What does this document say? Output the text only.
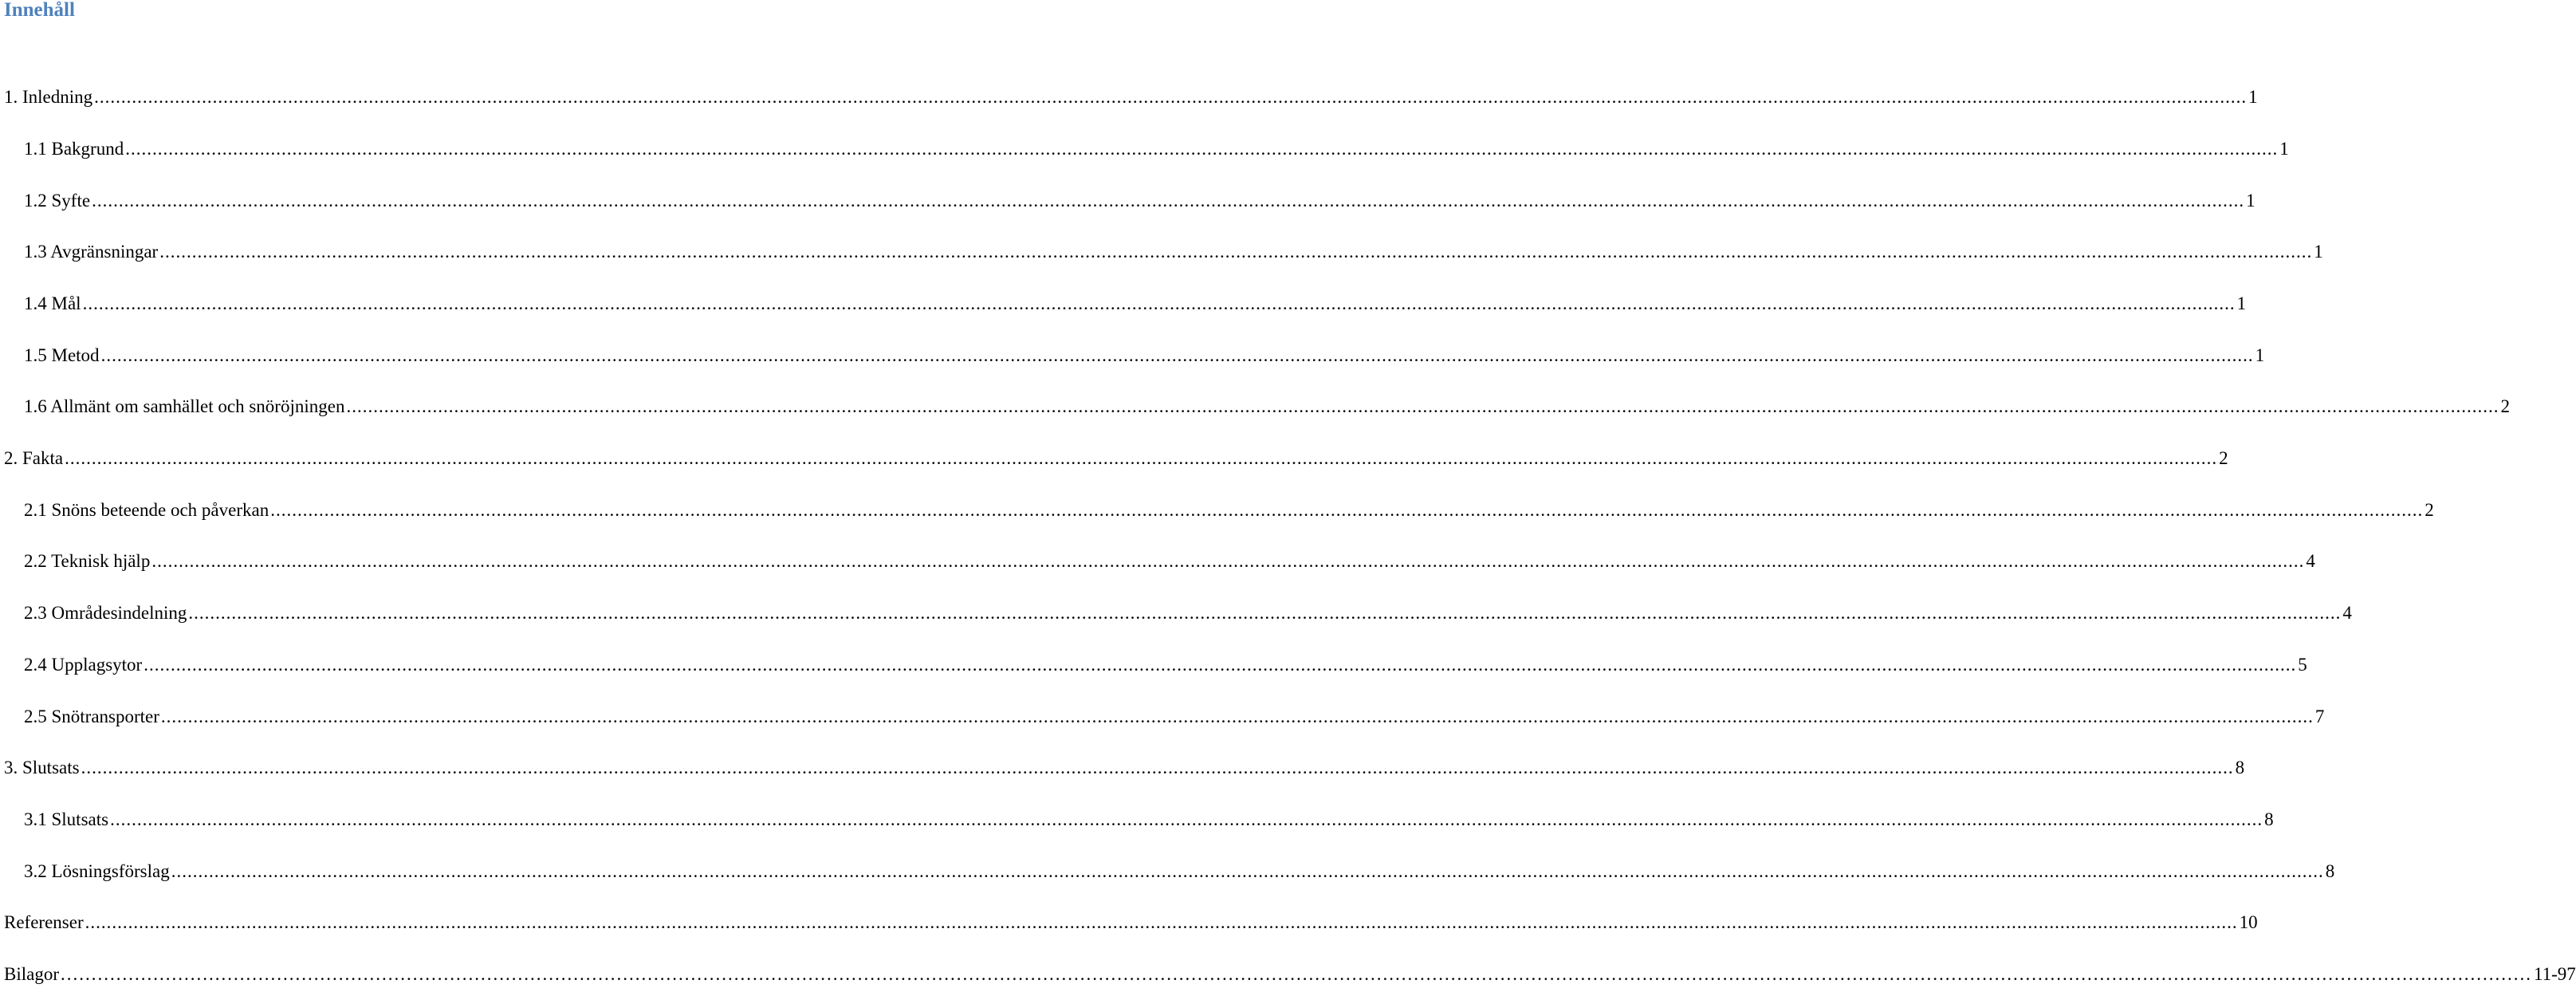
Innehåll
1. Inledning ................................................................................................................................................................................................................................................................................................................................................................................................................ 1
1.1 Bakgrund ................................................................................................................................................................................................................................................................................................................................................................................................................ 1
1.2 Syfte ................................................................................................................................................................................................................................................................................................................................................................................................................ 1
1.3 Avgränsningar ................................................................................................................................................................................................................................................................................................................................................................................................................ 1
1.4 Mål ................................................................................................................................................................................................................................................................................................................................................................................................................ 1
1.5 Metod ................................................................................................................................................................................................................................................................................................................................................................................................................ 1
1.6 Allmänt om samhället och snöröjningen ................................................................................................................................................................................................................................................................................................................................................................................................................ 2
2. Fakta ................................................................................................................................................................................................................................................................................................................................................................................................................ 2
2.1 Snöns beteende och påverkan ................................................................................................................................................................................................................................................................................................................................................................................................................ 2
2.2 Teknisk hjälp ................................................................................................................................................................................................................................................................................................................................................................................................................ 4
2.3 Områdesindelning ................................................................................................................................................................................................................................................................................................................................................................................................................ 4
2.4 Upplagsytor ................................................................................................................................................................................................................................................................................................................................................................................................................ 5
2.5 Snötransporter ................................................................................................................................................................................................................................................................................................................................................................................................................ 7
3. Slutsats ................................................................................................................................................................................................................................................................................................................................................................................................................ 8
3.1 Slutsats ................................................................................................................................................................................................................................................................................................................................................................................................................ 8
3.2 Lösningsförslag ................................................................................................................................................................................................................................................................................................................................................................................................................ 8
Referenser ................................................................................................................................................................................................................................................................................................................................................................................................................ 10
Bilagor ................................................................................................................................................................................................................................................................................................................................................................................................................ 11-97
